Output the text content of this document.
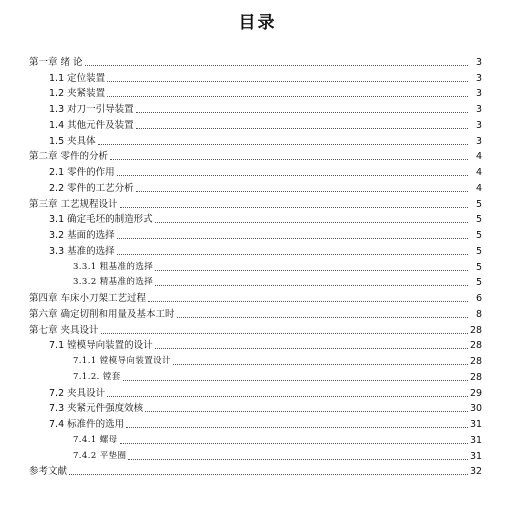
目录
第一章 绪 论	3
1.1 定位装置	3
1.2 夹紧装置	3
1.3 对刀一引导装置	3
1.4 其他元件及装置	3
1.5 夹具体	3
第二章 零件的分析	4
2.1 零件的作用	4
2.2 零件的工艺分析	4
第三章 工艺规程设计	5
3.1 确定毛坯的制造形式	5
3.2 基面的选择	5
3.3 基准的选择	5
3.3.1 粗基准的选择	5
3.3.2 精基准的选择	5
第四章 车床小刀架工艺过程	6
第六章 确定切削和用量及基本工时	8
第七章 夹具设计	28
7.1 镗模导向装置的设计	28
7.1.1 镗模导向装置设计	28
7.1.2. 镗套	28
7.2 夹具设计	29
7.3 夹紧元件强度效核	30
7.4 标准件的选用	31
7.4.1 螺母	31
7.4.2 平垫圈	31
参考文献	32
